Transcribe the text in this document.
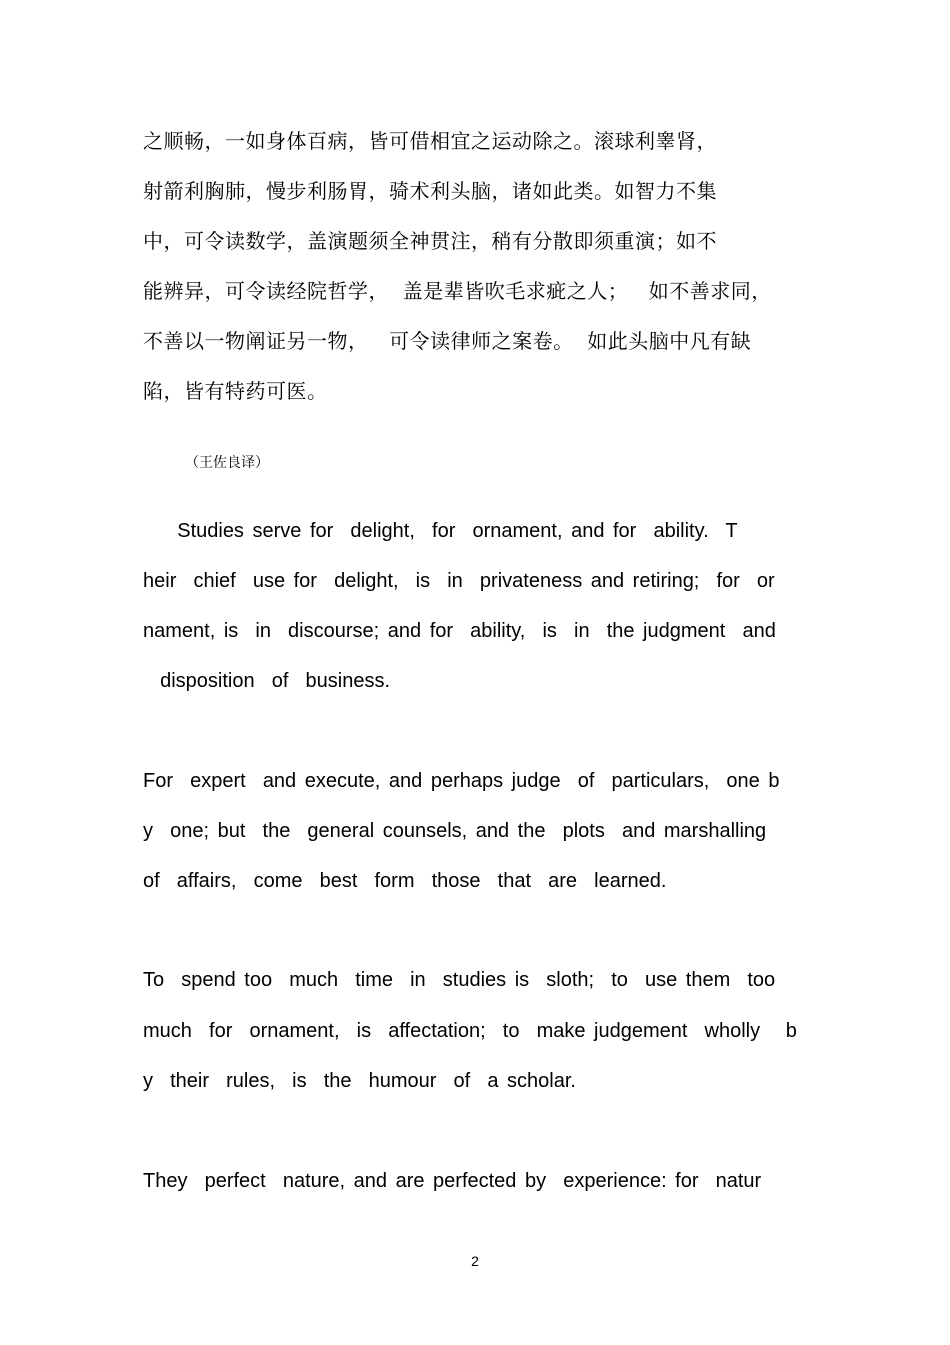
之顺畅，一如身体百病，皆可借相宜之运动除之。滚球利睾肾，
射箭利胸肺，慢步利肠胃，骑术利头脑，诸如此类。如智力不集
中，可令读数学，盖演题须全神贯注，稍有分散即须重演；如不
能辨异，可令读经院哲学，  盖是辈皆吹毛求疵之人；   如不善求同，
不善以一物阐证另一物，   可令读律师之案卷。  如此头脑中凡有缺
陷，皆有特药可医。
（王佐良译）
Studies serve for  delight,  for  ornament, and for  ability.  T
heir  chief  use for  delight,  is  in  privateness and retiring;  for  or
nament, is  in  discourse; and for  ability,  is  in  the judgment  and
disposition  of  business.
For  expert  and execute, and perhaps judge  of  particulars,  one b
y  one; but  the  general counsels, and the  plots  and marshalling
of  affairs,  come  best  form  those  that  are  learned.
To  spend too  much  time  in  studies is  sloth;  to  use them  too
much  for  ornament,  is  affectation;  to  make judgement  wholly   b
y  their  rules,  is  the  humour  of  a scholar.
They  perfect  nature, and are perfected by  experience: for  natur
2
